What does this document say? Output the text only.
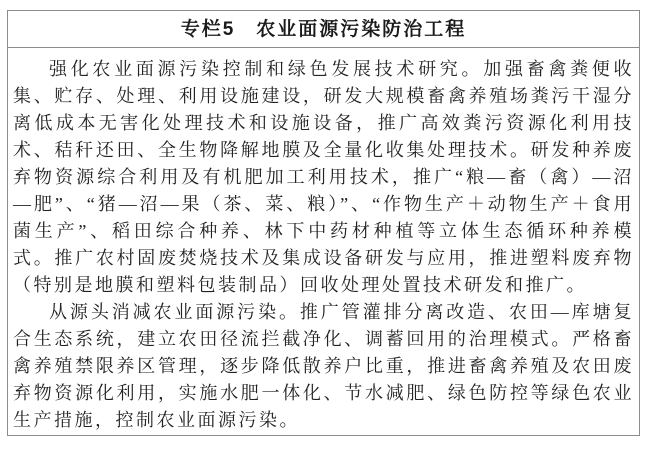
专栏5　农业面源污染防治工程

强化农业面源污染控制和绿色发展技术研究。加强畜禽粪便收集、贮存、处理、利用设施建设，研发大规模畜禽养殖场粪污干湿分离低成本无害化处理技术和设施设备，推广高效粪污资源化利用技术、秸秆还田、全生物降解地膜及全量化收集处理技术。研发种养废弃物资源综合利用及有机肥加工利用技术，推广“粮—畜（禽）—沼—肥”、“猪—沼—果（茶、菜、粮）”、“作物生产＋动物生产＋食用菌生产”、稻田综合种养、林下中药材种植等立体生态循环种养模式。推广农村固废焚烧技术及集成设备研发与应用，推进塑料废弃物（特别是地膜和塑料包装制品）回收处理处置技术研发和推广。

从源头消减农业面源污染。推广管灌排分离改造、农田—库塘复合生态系统，建立农田径流拦截净化、调蓄回用的治理模式。严格畜禽养殖禁限养区管理，逐步降低散养户比重，推进畜禽养殖及农田废弃物资源化利用，实施水肥一体化、节水减肥、绿色防控等绿色农业生产措施，控制农业面源污染。
